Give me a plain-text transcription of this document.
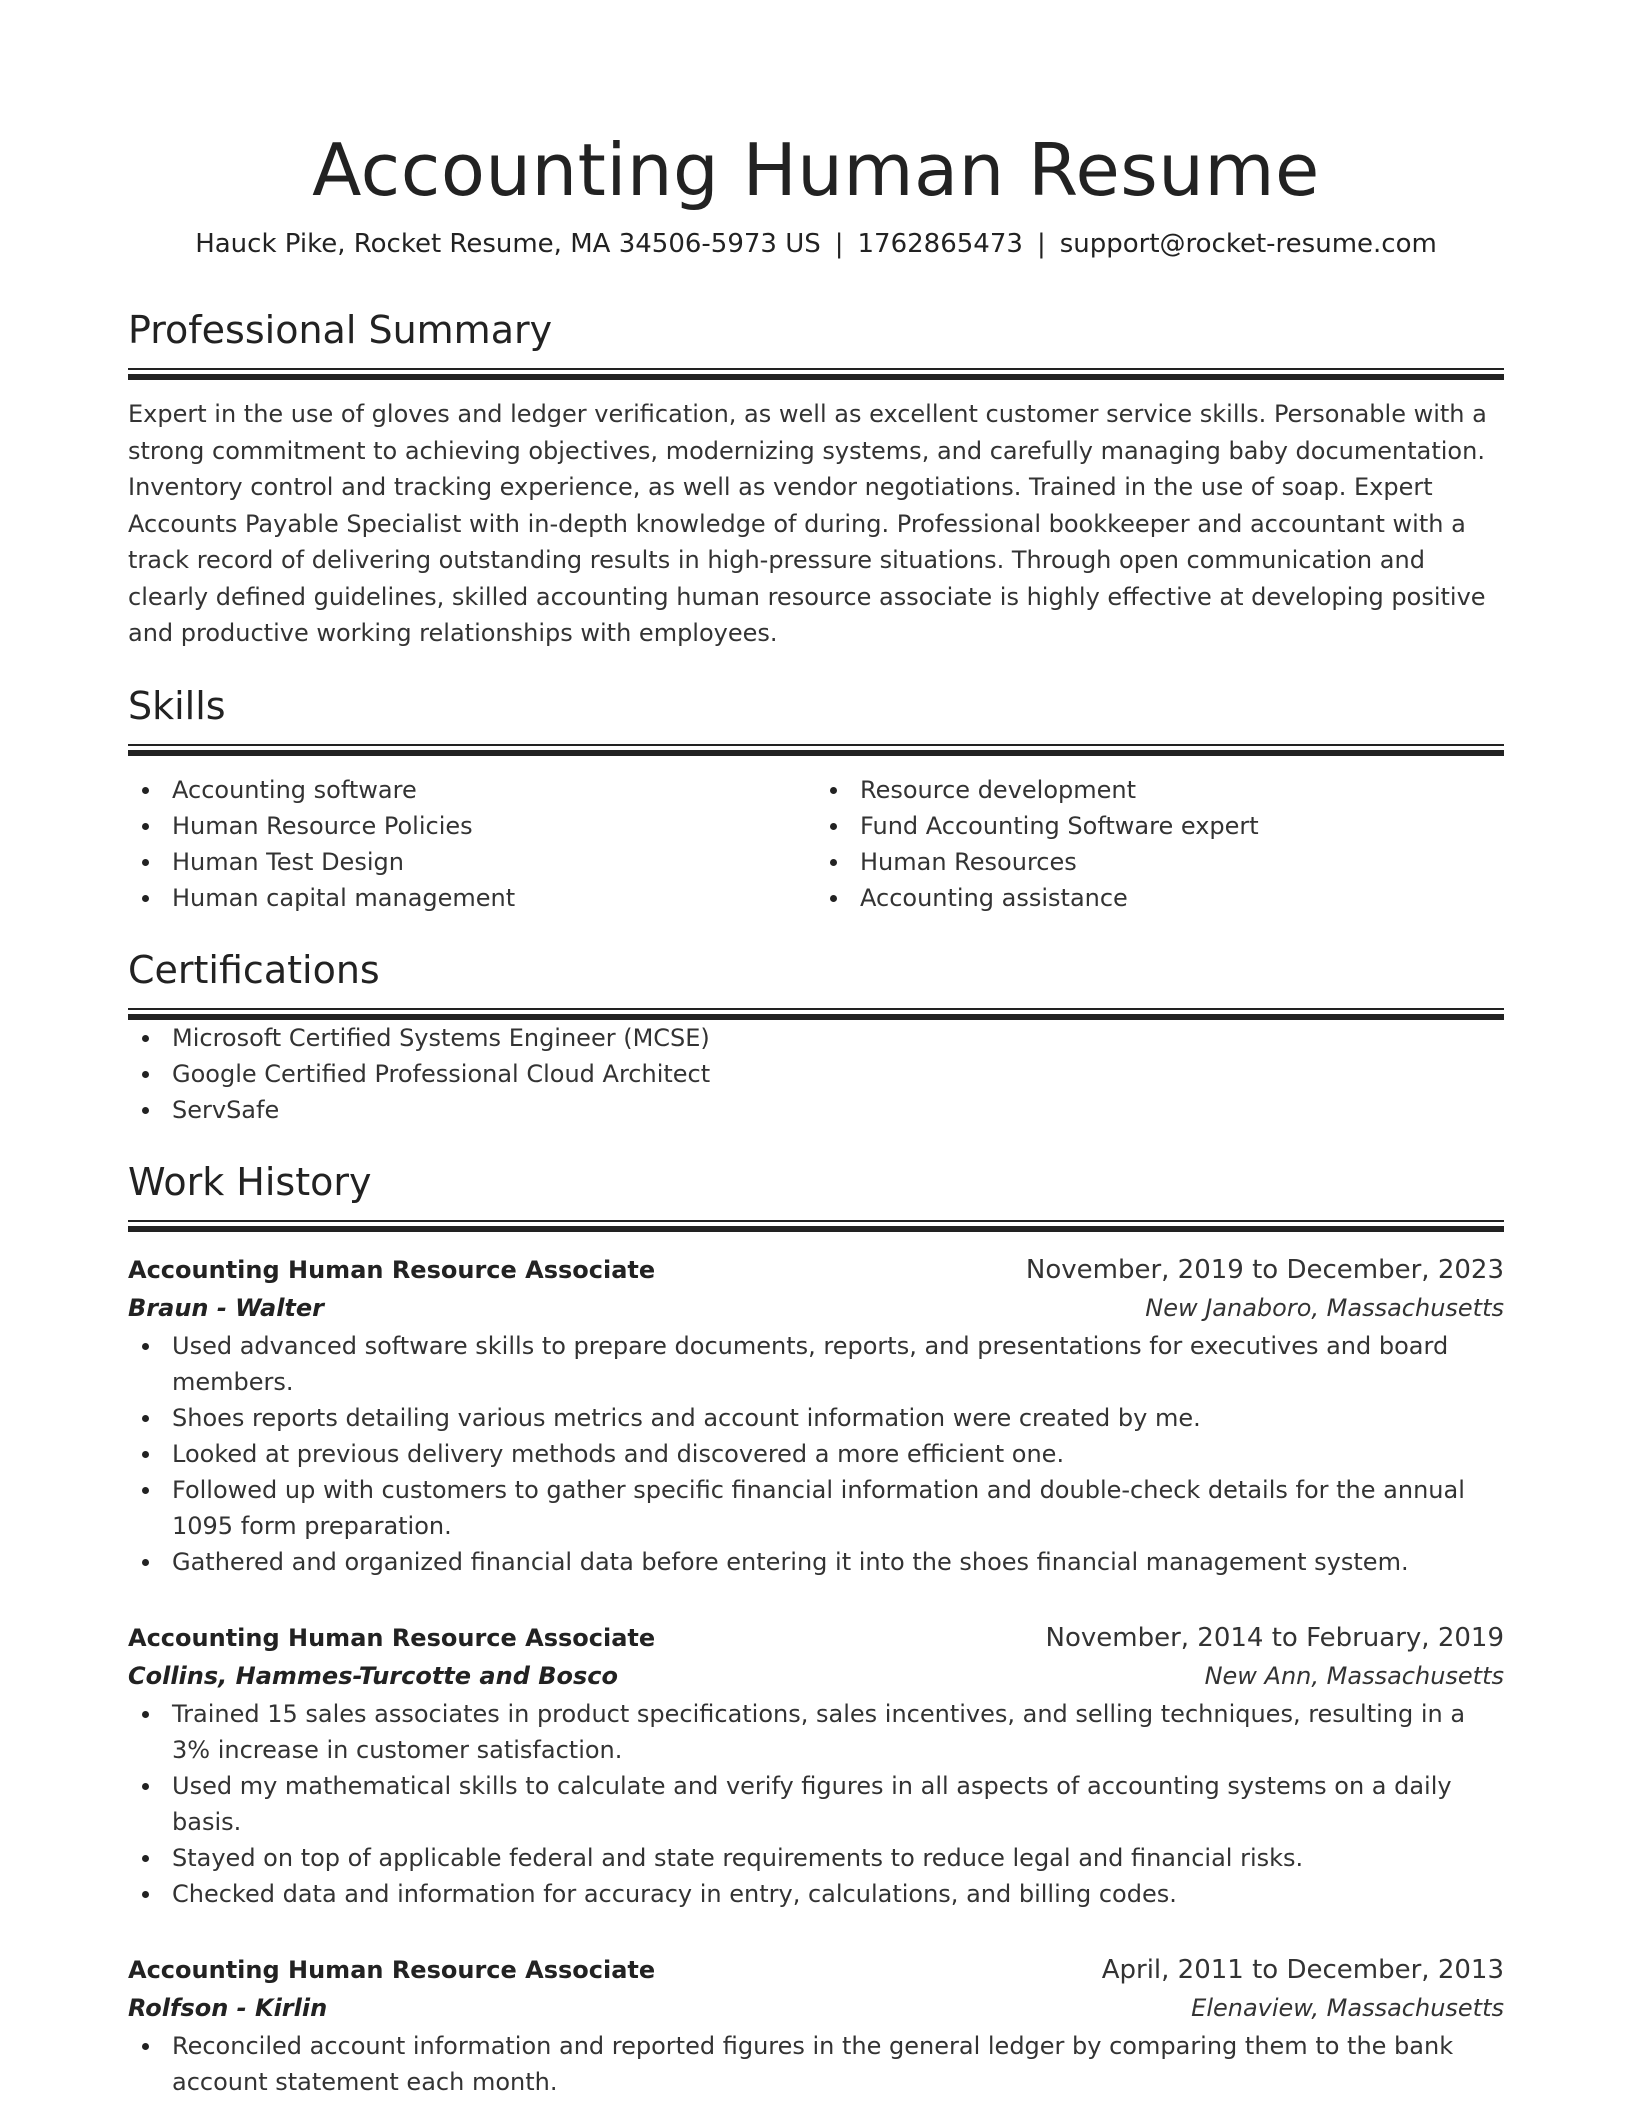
Accounting Human Resume
Hauck Pike, Rocket Resume, MA 34506-5973 US | 1762865473 | support@rocket-resume.com
Professional Summary

Expert in the use of gloves and ledger verification, as well as excellent customer service skills. Personable with a strong commitment to achieving objectives, modernizing systems, and carefully managing baby documentation. Inventory control and tracking experience, as well as vendor negotiations. Trained in the use of soap. Expert Accounts Payable Specialist with in-depth knowledge of during. Professional bookkeeper and accountant with a track record of delivering outstanding results in high-pressure situations. Through open communication and clearly defined guidelines, skilled accounting human resource associate is highly effective at developing positive and productive working relationships with employees.

Skills
Accounting software
Human Resource Policies
Human Test Design
Human capital management
Resource development
Fund Accounting Software expert
Human Resources
Accounting assistance
Certifications
Microsoft Certified Systems Engineer (MCSE)
Google Certified Professional Cloud Architect
ServSafe
Work History
Accounting Human Resource Associate	November, 2019 to December, 2023
Braun - Walter	New Janaboro, Massachusetts
Used advanced software skills to prepare documents, reports, and presentations for executives and board members.
Shoes reports detailing various metrics and account information were created by me.
Looked at previous delivery methods and discovered a more efficient one.
Followed up with customers to gather specific financial information and double-check details for the annual 1095 form preparation.
Gathered and organized financial data before entering it into the shoes financial management system.
Accounting Human Resource Associate	November, 2014 to February, 2019
Collins, Hammes-Turcotte and Bosco	New Ann, Massachusetts
Trained 15 sales associates in product specifications, sales incentives, and selling techniques, resulting in a 3% increase in customer satisfaction.
Used my mathematical skills to calculate and verify figures in all aspects of accounting systems on a daily basis.
Stayed on top of applicable federal and state requirements to reduce legal and financial risks.
Checked data and information for accuracy in entry, calculations, and billing codes.
Accounting Human Resource Associate	April, 2011 to December, 2013
Rolfson - Kirlin	Elenaview, Massachusetts
Reconciled account information and reported figures in the general ledger by comparing them to the bank account statement each month.
